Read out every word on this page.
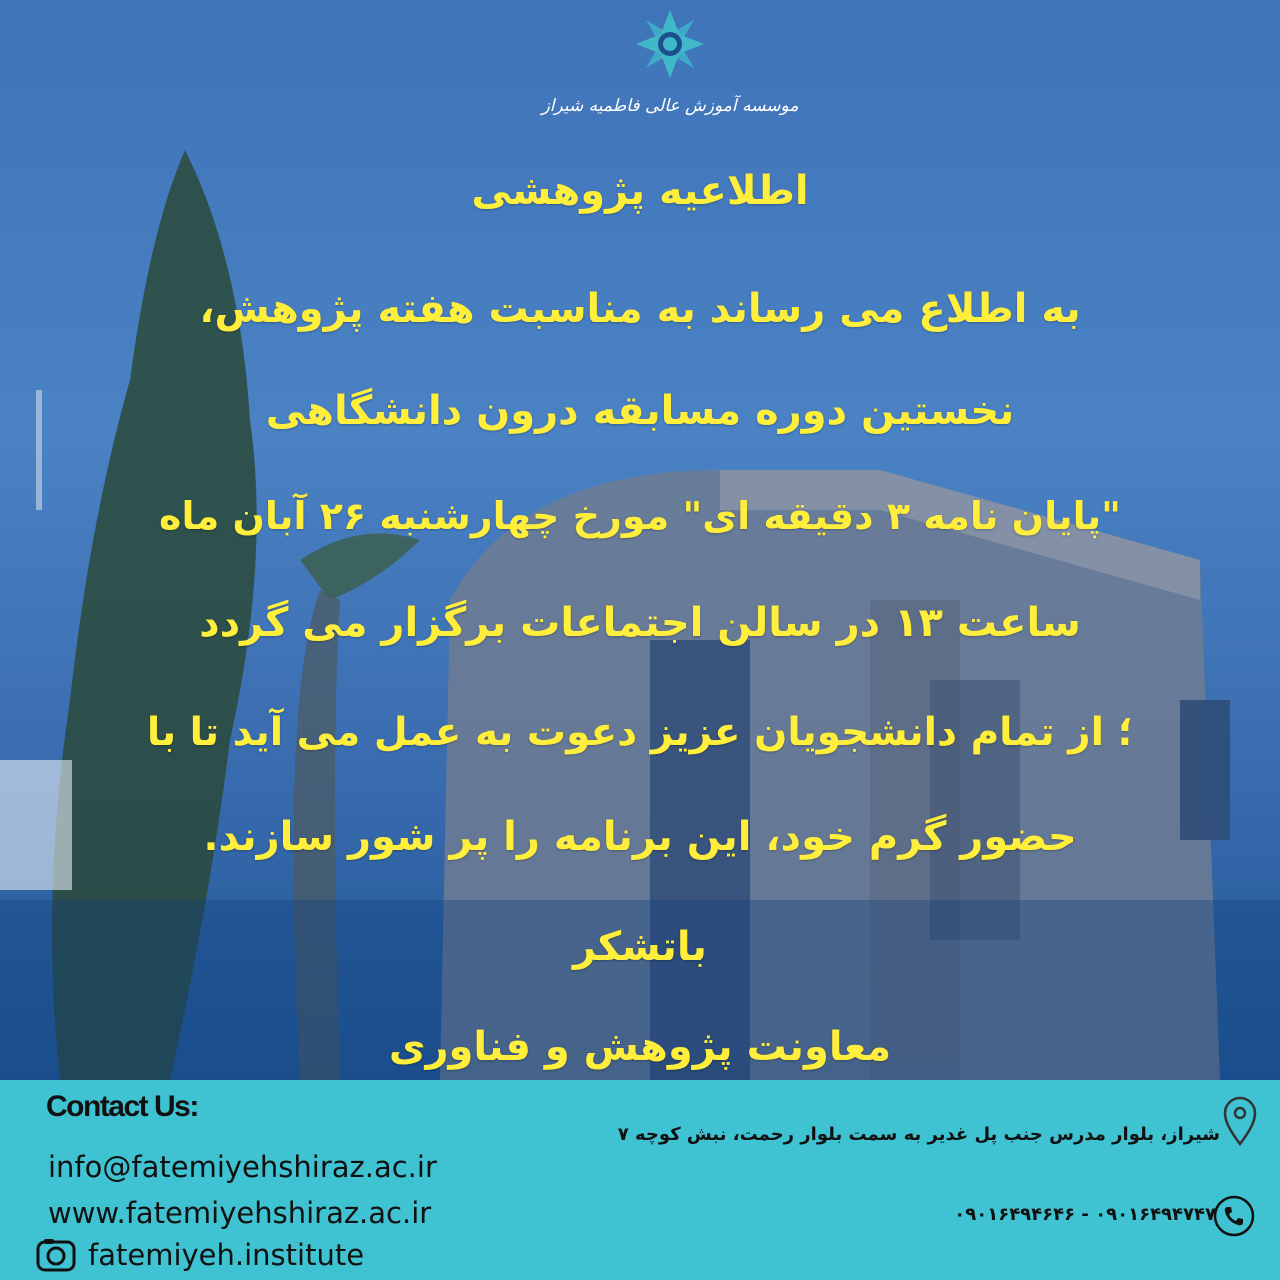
موسسه آموزش عالی فاطمیه شیراز
اطلاعیه پژوهشی
به اطلاع می رساند به مناسبت هفته پژوهش،
نخستین دوره مسابقه درون دانشگاهی
"پایان نامه ۳ دقیقه ای" مورخ چهارشنبه ۲۶ آبان ماه
ساعت ۱۳ در سالن اجتماعات برگزار می گردد
؛ از تمام دانشجویان عزیز دعوت به عمل می آید تا با
حضور گرم خود، این برنامه را پر شور سازند.
باتشکر
معاونت پژوهش و فناوری
Contact Us:
info@fatemiyehshiraz.ac.ir
www.fatemiyehshiraz.ac.ir
fatemiyeh.institute
شیراز، بلوار مدرس جنب پل غدیر به سمت بلوار رحمت، نبش کوچه ۷
۰۹۰۱۶۴۹۴۷۴۷ - ۰۹۰۱۶۴۹۴۶۴۶
